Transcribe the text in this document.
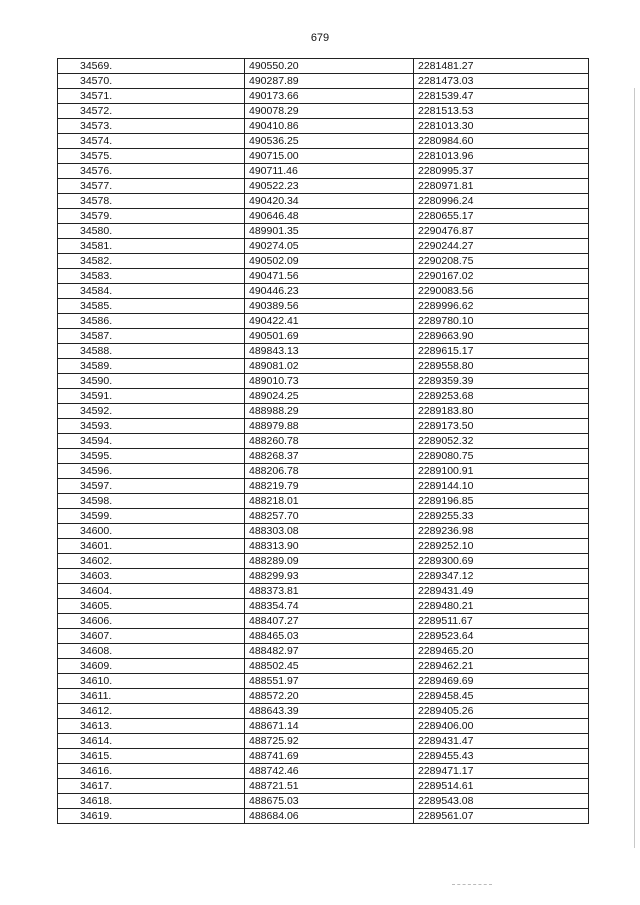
679
34569.	490550.20	2281481.27
34570.	490287.89	2281473.03
34571.	490173.66	2281539.47
34572.	490078.29	2281513.53
34573.	490410.86	2281013.30
34574.	490536.25	2280984.60
34575.	490715.00	2281013.96
34576.	490711.46	2280995.37
34577.	490522.23	2280971.81
34578.	490420.34	2280996.24
34579.	490646.48	2280655.17
34580.	489901.35	2290476.87
34581.	490274.05	2290244.27
34582.	490502.09	2290208.75
34583.	490471.56	2290167.02
34584.	490446.23	2290083.56
34585.	490389.56	2289996.62
34586.	490422.41	2289780.10
34587.	490501.69	2289663.90
34588.	489843.13	2289615.17
34589.	489081.02	2289558.80
34590.	489010.73	2289359.39
34591.	489024.25	2289253.68
34592.	488988.29	2289183.80
34593.	488979.88	2289173.50
34594.	488260.78	2289052.32
34595.	488268.37	2289080.75
34596.	488206.78	2289100.91
34597.	488219.79	2289144.10
34598.	488218.01	2289196.85
34599.	488257.70	2289255.33
34600.	488303.08	2289236.98
34601.	488313.90	2289252.10
34602.	488289.09	2289300.69
34603.	488299.93	2289347.12
34604.	488373.81	2289431.49
34605.	488354.74	2289480.21
34606.	488407.27	2289511.67
34607.	488465.03	2289523.64
34608.	488482.97	2289465.20
34609.	488502.45	2289462.21
34610.	488551.97	2289469.69
34611.	488572.20	2289458.45
34612.	488643.39	2289405.26
34613.	488671.14	2289406.00
34614.	488725.92	2289431.47
34615.	488741.69	2289455.43
34616.	488742.46	2289471.17
34617.	488721.51	2289514.61
34618.	488675.03	2289543.08
34619.	488684.06	2289561.07
